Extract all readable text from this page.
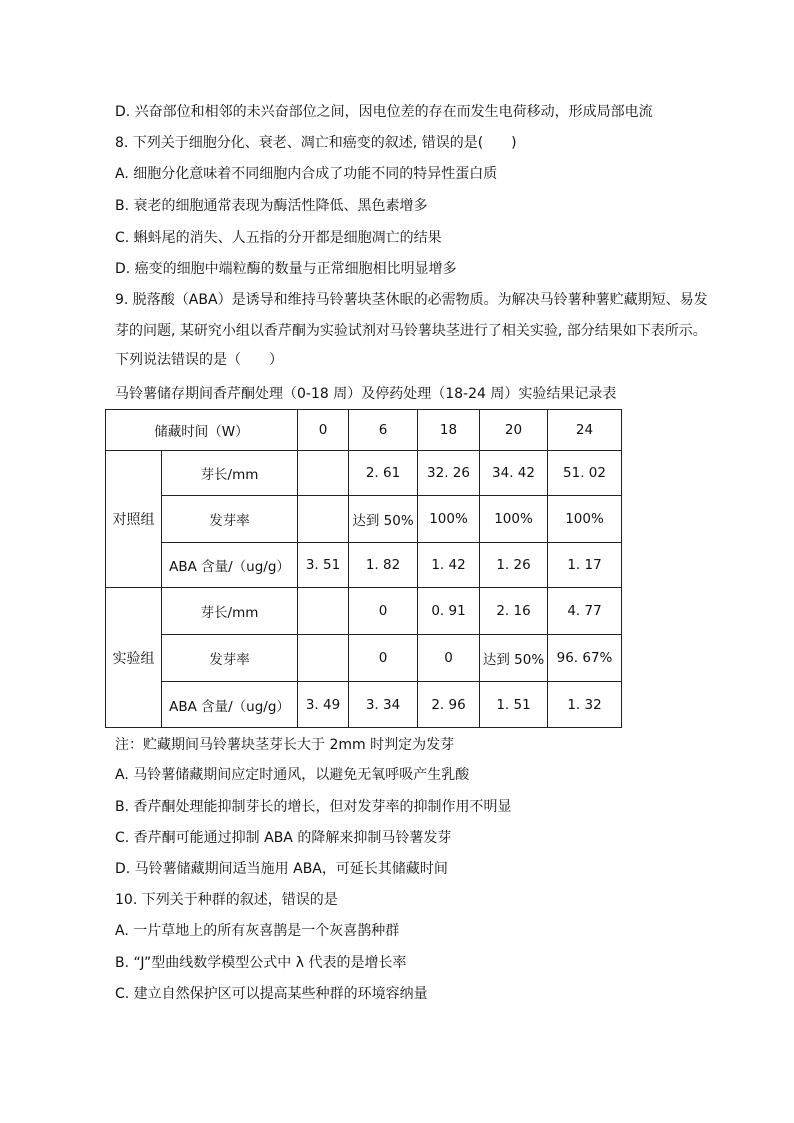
D. 兴奋部位和相邻的未兴奋部位之间，因电位差的存在而发生电荷移动，形成局部电流
8. 下列关于细胞分化、衰老、凋亡和癌变的叙述, 错误的是(　　)
A. 细胞分化意味着不同细胞内合成了功能不同的特异性蛋白质
B. 衰老的细胞通常表现为酶活性降低、黑色素增多
C. 蝌蚪尾的消失、人五指的分开都是细胞凋亡的结果
D. 癌变的细胞中端粒酶的数量与正常细胞相比明显增多
9. 脱落酸（ABA）是诱导和维持马铃薯块茎休眠的必需物质。为解决马铃薯种薯贮藏期短、易发
芽的问题, 某研究小组以香芹酮为实验试剂对马铃薯块茎进行了相关实验, 部分结果如下表所示。
下列说法错误的是（　　）
马铃薯储存期间香芹酮处理（0-18 周）及停药处理（18-24 周）实验结果记录表
储藏时间（W）		0	6	18	20	24
对照组	芽长/mm		2. 61	32. 26	34. 42	51. 02
	发芽率		达到 50%	100%	100%	100%
	ABA 含量/（ug/g）	3. 51	1. 82	1. 42	1. 26	1. 17
实验组	芽长/mm		0	0. 91	2. 16	4. 77
	发芽率		0	0	达到 50%	96. 67%
	ABA 含量/（ug/g）	3. 49	3. 34	2. 96	1. 51	1. 32
注：贮藏期间马铃薯块茎芽长大于 2mm 时判定为发芽
A. 马铃薯储藏期间应定时通风，以避免无氧呼吸产生乳酸
B. 香芹酮处理能抑制芽长的增长，但对发芽率的抑制作用不明显
C. 香芹酮可能通过抑制 ABA 的降解来抑制马铃薯发芽
D. 马铃薯储藏期间适当施用 ABA，可延长其储藏时间
10. 下列关于种群的叙述，错误的是
A. 一片草地上的所有灰喜鹊是一个灰喜鹊种群
B. “J”型曲线数学模型公式中 λ 代表的是增长率
C. 建立自然保护区可以提高某些种群的环境容纳量
